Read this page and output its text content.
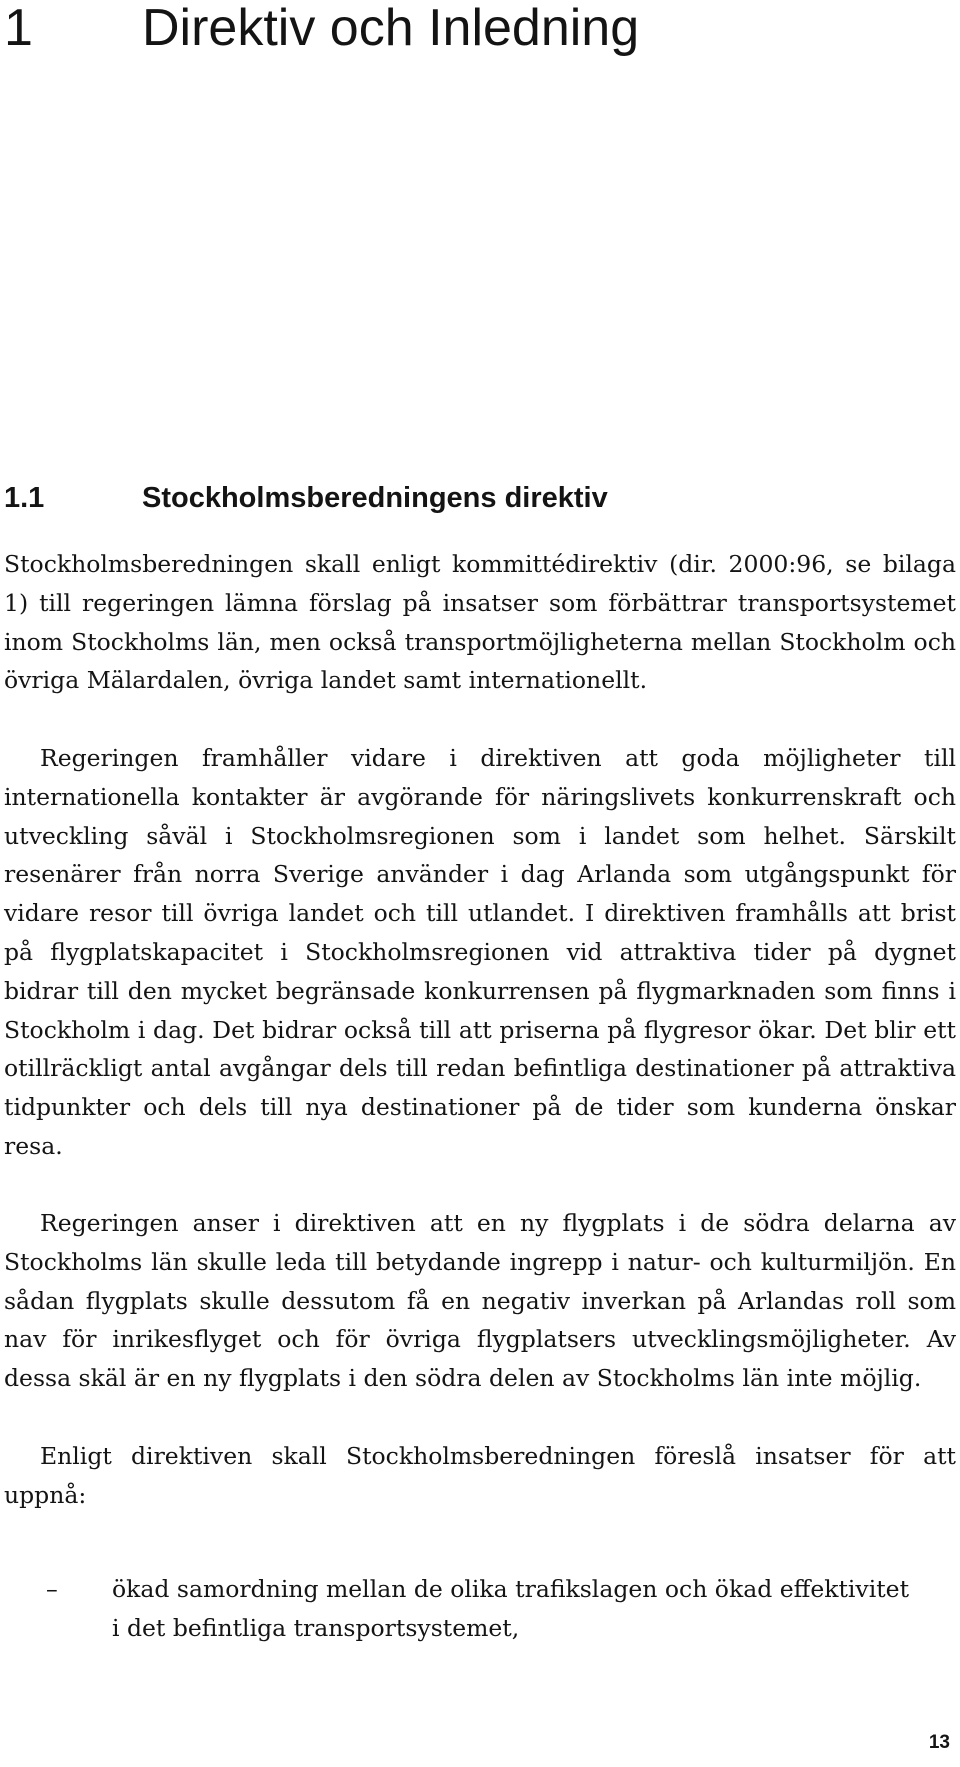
1 Direktiv och Inledning
1.1	Stockholmsberedningens direktiv

Stockholmsberedningen skall enligt kommittédirektiv (dir. 2000:96, se bilaga 1) till regeringen lämna förslag på insatser som förbättrar transportsystemet inom Stockholms län, men också transportmöjligheterna mellan Stockholm och övriga Mälardalen, övriga landet samt internationellt.

Regeringen framhåller vidare i direktiven att goda möjligheter till internationella kontakter är avgörande för näringslivets konkurrenskraft och utveckling såväl i Stockholmsregionen som i landet som helhet. Särskilt resenärer från norra Sverige använder i dag Arlanda som utgångspunkt för vidare resor till övriga landet och till utlandet. I direktiven framhålls att brist på flygplatskapacitet i Stockholmsregionen vid attraktiva tider på dygnet bidrar till den mycket begränsade konkurrensen på flygmarknaden som finns i Stockholm i dag. Det bidrar också till att priserna på flygresor ökar. Det blir ett otillräckligt antal avgångar dels till redan befintliga destinationer på attraktiva tidpunkter och dels till nya destinationer på de tider som kunderna önskar resa.

Regeringen anser i direktiven att en ny flygplats i de södra delarna av Stockholms län skulle leda till betydande ingrepp i natur- och kulturmiljön. En sådan flygplats skulle dessutom få en negativ inverkan på Arlandas roll som nav för inrikesflyget och för övriga flygplatsers utvecklingsmöjligheter. Av dessa skäl är en ny flygplats i den södra delen av Stockholms län inte möjlig.

Enligt direktiven skall Stockholmsberedningen föreslå insatser för att uppnå:

– ökad samordning mellan de olika trafikslagen och ökad effektivitet i det befintliga transportsystemet,

13
